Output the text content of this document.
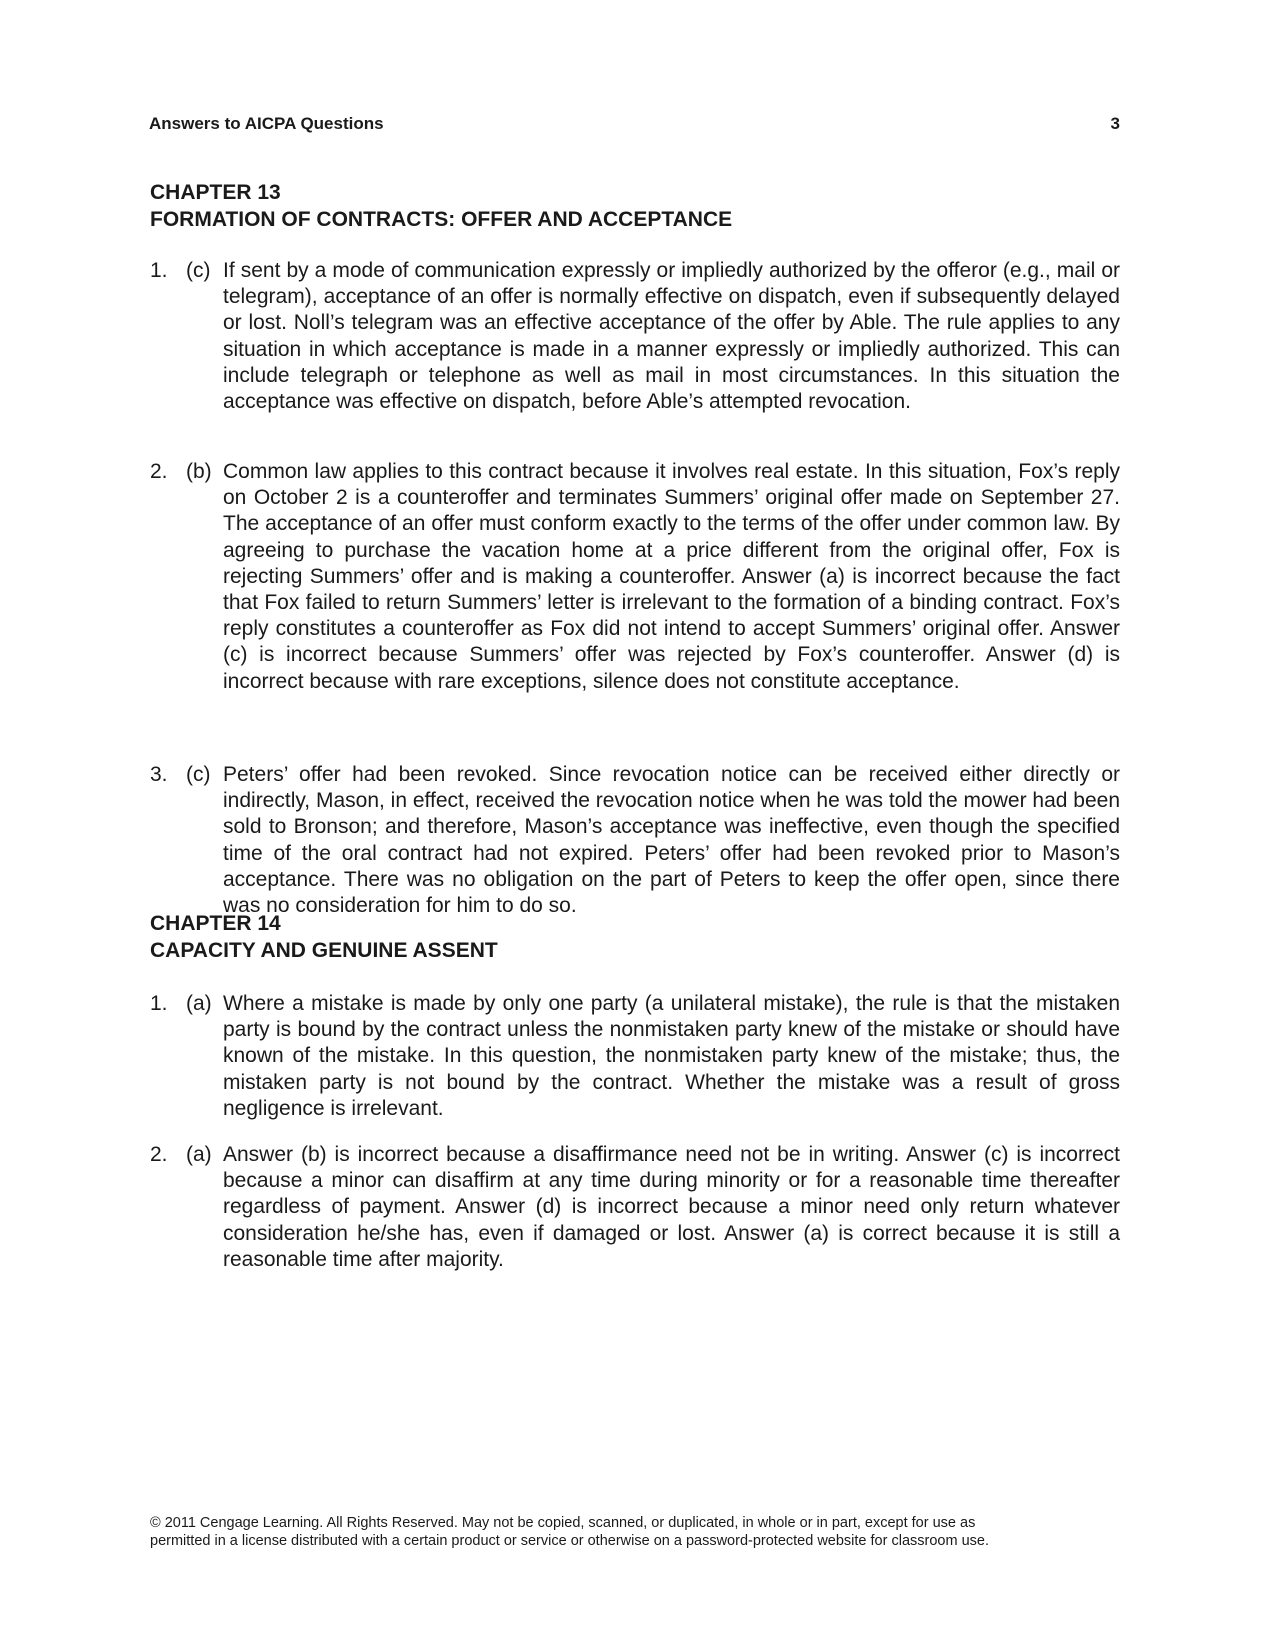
Answers to AICPA Questions	3
CHAPTER 13
FORMATION OF CONTRACTS: OFFER AND ACCEPTANCE
1. (c) If sent by a mode of communication expressly or impliedly authorized by the offeror (e.g., mail or telegram), acceptance of an offer is normally effective on dispatch, even if subsequently delayed or lost. Noll’s telegram was an effective acceptance of the offer by Able. The rule applies to any situation in which acceptance is made in a manner expressly or impliedly authorized. This can include telegraph or telephone as well as mail in most circumstances. In this situation the acceptance was effective on dispatch, before Able’s attempted revocation.
2. (b) Common law applies to this contract because it involves real estate. In this situation, Fox’s reply on October 2 is a counteroffer and terminates Summers’ original offer made on September 27. The acceptance of an offer must conform exactly to the terms of the offer under common law. By agreeing to purchase the vacation home at a price different from the original offer, Fox is rejecting Summers’ offer and is making a counteroffer. Answer (a) is incorrect because the fact that Fox failed to return Summers’ letter is irrelevant to the formation of a binding contract. Fox’s reply constitutes a counteroffer as Fox did not intend to accept Summers’ original offer. Answer (c) is incorrect because Summers’ offer was rejected by Fox’s counteroffer. Answer (d) is incorrect because with rare exceptions, silence does not constitute acceptance.
3. (c) Peters’ offer had been revoked. Since revocation notice can be received either directly or indirectly, Mason, in effect, received the revocation notice when he was told the mower had been sold to Bronson; and therefore, Mason’s acceptance was ineffective, even though the specified time of the oral contract had not expired. Peters’ offer had been revoked prior to Mason’s acceptance. There was no obligation on the part of Peters to keep the offer open, since there was no consideration for him to do so.
CHAPTER 14
CAPACITY AND GENUINE ASSENT
1. (a) Where a mistake is made by only one party (a unilateral mistake), the rule is that the mistaken party is bound by the contract unless the nonmistaken party knew of the mistake or should have known of the mistake. In this question, the nonmistaken party knew of the mistake; thus, the mistaken party is not bound by the contract. Whether the mistake was a result of gross negligence is irrelevant.
2. (a) Answer (b) is incorrect because a disaffirmance need not be in writing. Answer (c) is incorrect because a minor can disaffirm at any time during minority or for a reasonable time thereafter regardless of payment. Answer (d) is incorrect because a minor need only return whatever consideration he/she has, even if damaged or lost. Answer (a) is correct because it is still a reasonable time after majority.
© 2011 Cengage Learning. All Rights Reserved. May not be copied, scanned, or duplicated, in whole or in part, except for use as
permitted in a license distributed with a certain product or service or otherwise on a password-protected website for classroom use.
